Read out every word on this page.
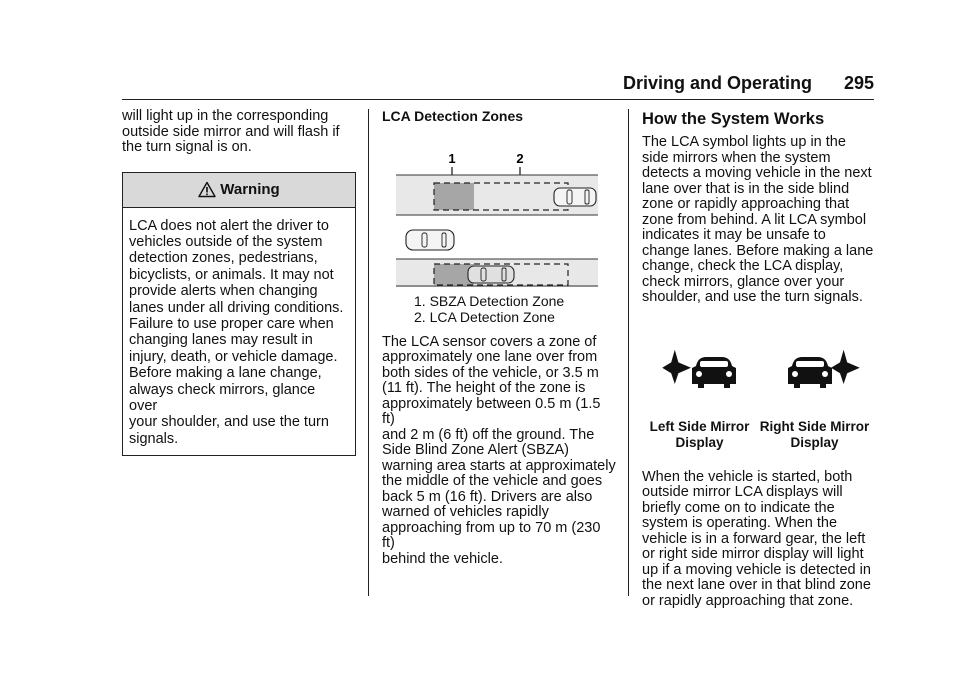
Driving and Operating 295

will light up in the corresponding
outside side mirror and will flash if
the turn signal is on.

Warning

LCA does not alert the driver to
vehicles outside of the system
detection zones, pedestrians,
bicyclists, or animals. It may not
provide alerts when changing
lanes under all driving conditions.
Failure to use proper care when
changing lanes may result in
injury, death, or vehicle damage.
Before making a lane change,
always check mirrors, glance over
your shoulder, and use the turn
signals.

LCA Detection Zones

1	2
1. SBZA Detection Zone
2. LCA Detection Zone

The LCA sensor covers a zone of
approximately one lane over from
both sides of the vehicle, or 3.5 m
(11 ft). The height of the zone is
approximately between 0.5 m (1.5 ft)
and 2 m (6 ft) off the ground. The
Side Blind Zone Alert (SBZA)
warning area starts at approximately
the middle of the vehicle and goes
back 5 m (16 ft). Drivers are also
warned of vehicles rapidly
approaching from up to 70 m (230 ft)
behind the vehicle.

How the System Works

The LCA symbol lights up in the
side mirrors when the system
detects a moving vehicle in the next
lane over that is in the side blind
zone or rapidly approaching that
zone from behind. A lit LCA symbol
indicates it may be unsafe to
change lanes. Before making a lane
change, check the LCA display,
check mirrors, glance over your
shoulder, and use the turn signals.

Left Side Mirror
Display
Right Side Mirror
Display

When the vehicle is started, both
outside mirror LCA displays will
briefly come on to indicate the
system is operating. When the
vehicle is in a forward gear, the left
or right side mirror display will light
up if a moving vehicle is detected in
the next lane over in that blind zone
or rapidly approaching that zone.
